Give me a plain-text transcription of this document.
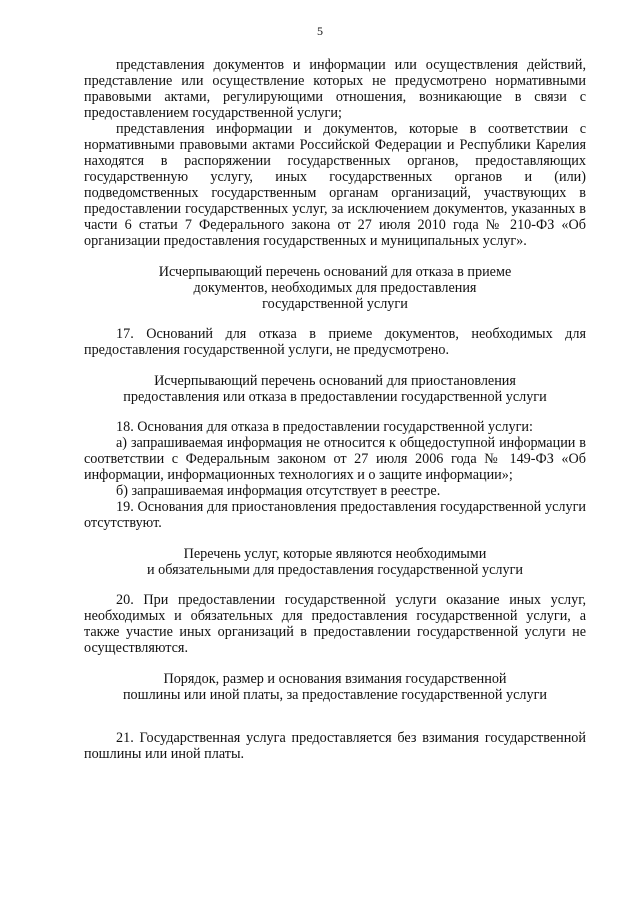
5

представления документов и информации или осуществления действий, представление или осуществление которых не предусмотрено нормативными правовыми актами, регулирующими отношения, возникающие в связи с предоставлением государственной услуги;

представления информации и документов, которые в соответствии с нормативными правовыми актами Российской Федерации и Республики Карелия находятся в распоряжении государственных органов, предоставляющих государственную услугу, иных государственных органов и (или) подведомственных государственным органам организаций, участвующих в предоставлении государственных услуг, за исключением документов, указанных в части 6 статьи 7 Федерального закона от 27 июля 2010 года № 210-ФЗ «Об организации предоставления государственных и муниципальных услуг».

Исчерпывающий перечень оснований для отказа в приеме
документов, необходимых для предоставления
государственной услуги

17. Оснований для отказа в приеме документов, необходимых для предоставления государственной услуги, не предусмотрено.

Исчерпывающий перечень оснований для приостановления
предоставления или отказа в предоставлении государственной услуги

18. Основания для отказа в предоставлении государственной услуги:

а) запрашиваемая информация не относится к общедоступной информации в соответствии с Федеральным законом от 27 июля 2006 года № 149-ФЗ «Об информации, информационных технологиях и о защите информации»;

б) запрашиваемая информация отсутствует в реестре.

19. Основания для приостановления предоставления государственной услуги отсутствуют.

Перечень услуг, которые являются необходимыми
и обязательными для предоставления государственной услуги

20. При предоставлении государственной услуги оказание иных услуг, необходимых и обязательных для предоставления государственной услуги, а также участие иных организаций в предоставлении государственной услуги не осуществляются.

Порядок, размер и основания взимания государственной
пошлины или иной платы, за предоставление государственной услуги

21. Государственная услуга предоставляется без взимания государственной пошлины или иной платы.
